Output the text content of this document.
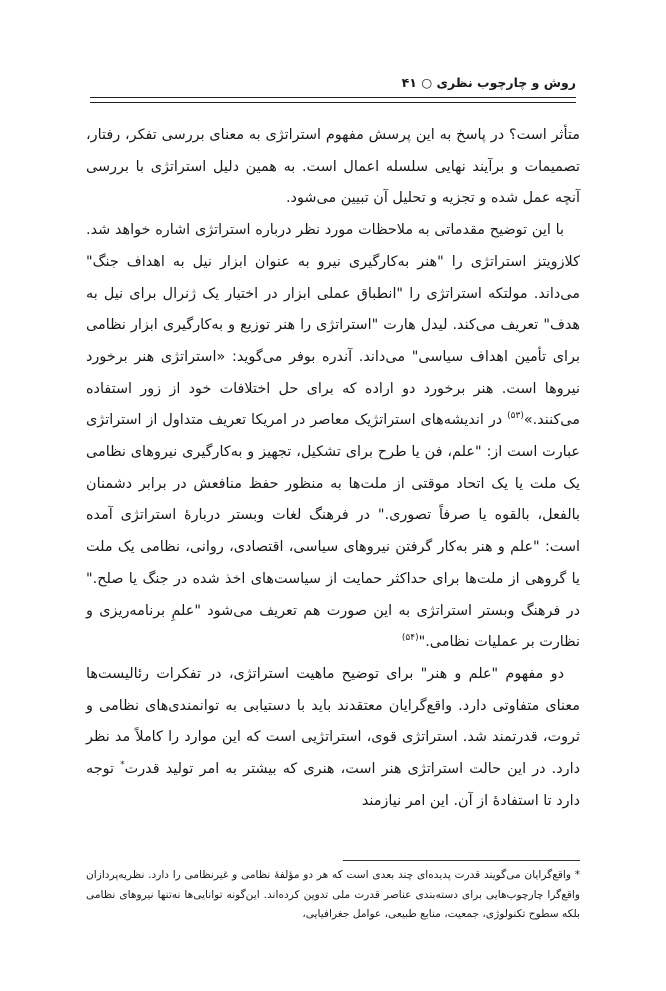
روش و چارچوب نظری ○ ۴۱

متأثر است؟ در پاسخ به این پرسش مفهوم استراتژی به معنای بررسی تفکر، رفتار، تصمیمات و برآیند نهایی سلسله اعمال است. به همین دلیل استراتژی با بررسی آنچه عمل شده و تجزیه و تحلیل آن تبیین می‌شود.

با این توضیح مقدماتی به ملاحظات مورد نظر درباره استراتژی اشاره خواهد شد. کلازویتز استراتژی را "هنر به‌کارگیری نیرو به عنوان ابزار نیل به اهداف جنگ" می‌داند. مولتکه استراتژی را "انطباق عملی ابزار در اختیار یک ژنرال برای نیل به هدف" تعریف می‌کند. لیدل هارت "استراتژی را هنر توزیع و به‌کارگیری ابزار نظامی برای تأمین اهداف سیاسی" می‌داند. آندره بوفر می‌گوید: «استراتژی هنر برخورد نیروها است. هنر برخورد دو اراده که برای حل اختلافات خود از زور استفاده می‌کنند.»$^{(۵۳)}$ در اندیشه‌های استراتژیک معاصر در امریکا تعریف متداول از استراتژی عبارت است از: "علم، فن یا طرح برای تشکیل، تجهیز و به‌کارگیری نیروهای نظامی یک ملت یا یک اتحاد موقتی از ملت‌ها به منظور حفظ منافعش در برابر دشمنان بالفعل، بالقوه یا صرفاً تصوری." در فرهنگ لغات وبستر دربارهٔ استراتژی آمده است: "علم و هنر به‌کار گرفتن نیروهای سیاسی، اقتصادی، روانی، نظامی یک ملت یا گروهی از ملت‌ها برای حداکثر حمایت از سیاست‌های اخذ شده در جنگ یا صلح." در فرهنگ وبستر استراتژی به این صورت هم تعریف می‌شود "علمِ برنامه‌ریزی و نظارت بر عملیات نظامی."$^{(۵۴)}$

دو مفهوم "علم و هنر" برای توضیح ماهیت استراتژی، در تفکرات رئالیست‌ها معنای متفاوتی دارد. واقع‌گرایان معتقدند باید با دستیابی به توانمندی‌های نظامی و ثروت، قدرتمند شد. استراتژی قوی، استراتژیی است که این موارد را کاملاً مد نظر دارد. در این حالت استراتژی هنر است، هنری که بیشتر به امر تولید قدرت* توجه دارد تا استفادهٔ از آن. این امر نیازمند

* واقع‌گرایان می‌گویند قدرت پدیده‌ای چند بعدی است که هر دو مؤلفهٔ نظامی و غیرنظامی را دارد. نظریه‌پردازان واقع‌گرا چارچوب‌هایی برای دسته‌بندی عناصر قدرت ملی تدوین کرده‌اند. این‌گونه توانایی‌ها نه‌تنها نیروهای نظامی بلکه سطوح تکنولوژی، جمعیت، منابع طبیعی، عوامل جغرافیایی،
